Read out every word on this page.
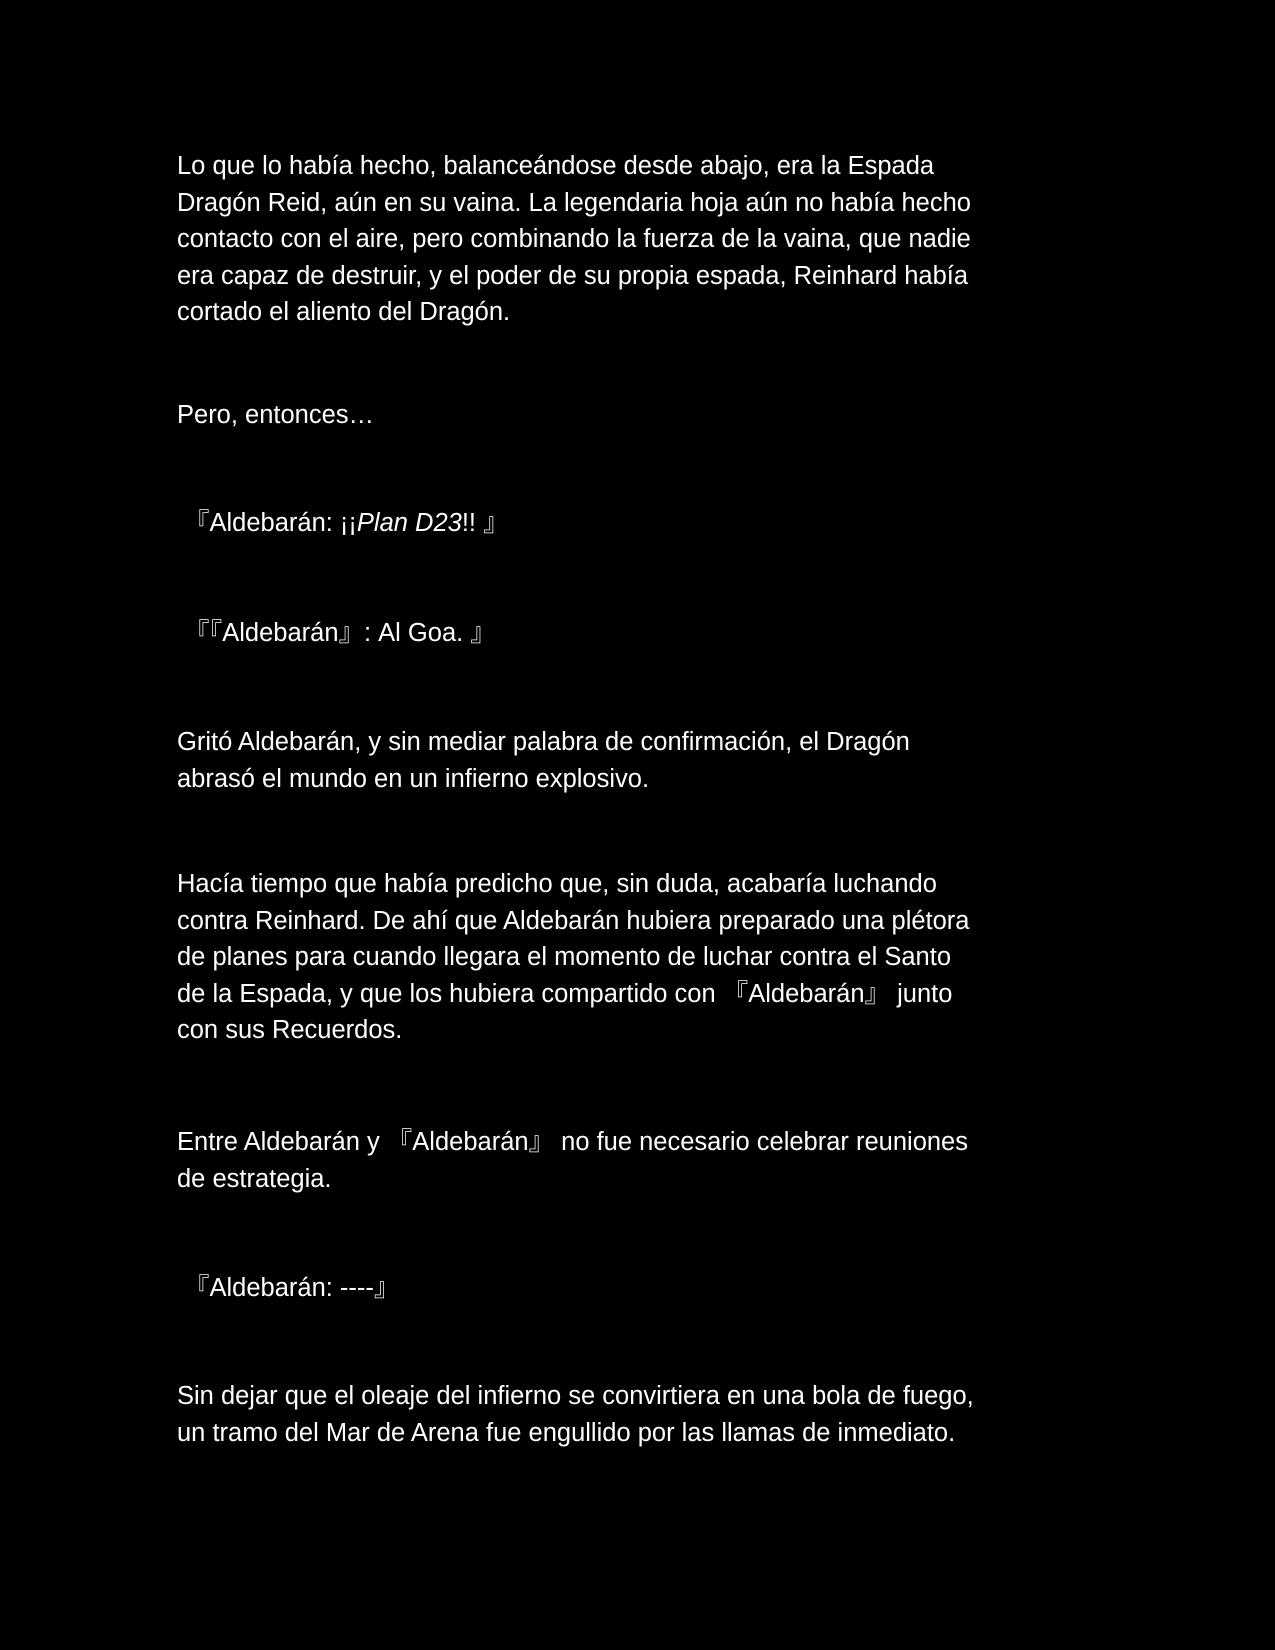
Lo que lo había hecho, balanceándose desde abajo, era la Espada
Dragón Reid, aún en su vaina. La legendaria hoja aún no había hecho
contacto con el aire, pero combinando la fuerza de la vaina, que nadie
era capaz de destruir, y el poder de su propia espada, Reinhard había
cortado el aliento del Dragón.

Pero, entonces…

『Aldebarán: ¡¡Plan D23!! 』

『『Aldebarán』: Al Goa. 』

Gritó Aldebarán, y sin mediar palabra de confirmación, el Dragón
abrasó el mundo en un infierno explosivo.

Hacía tiempo que había predicho que, sin duda, acabaría luchando
contra Reinhard. De ahí que Aldebarán hubiera preparado una plétora
de planes para cuando llegara el momento de luchar contra el Santo
de la Espada, y que los hubiera compartido con 『Aldebarán』 junto
con sus Recuerdos.

Entre Aldebarán y 『Aldebarán』 no fue necesario celebrar reuniones
de estrategia.

『Aldebarán: ----』

Sin dejar que el oleaje del infierno se convirtiera en una bola de fuego,
un tramo del Mar de Arena fue engullido por las llamas de inmediato.
